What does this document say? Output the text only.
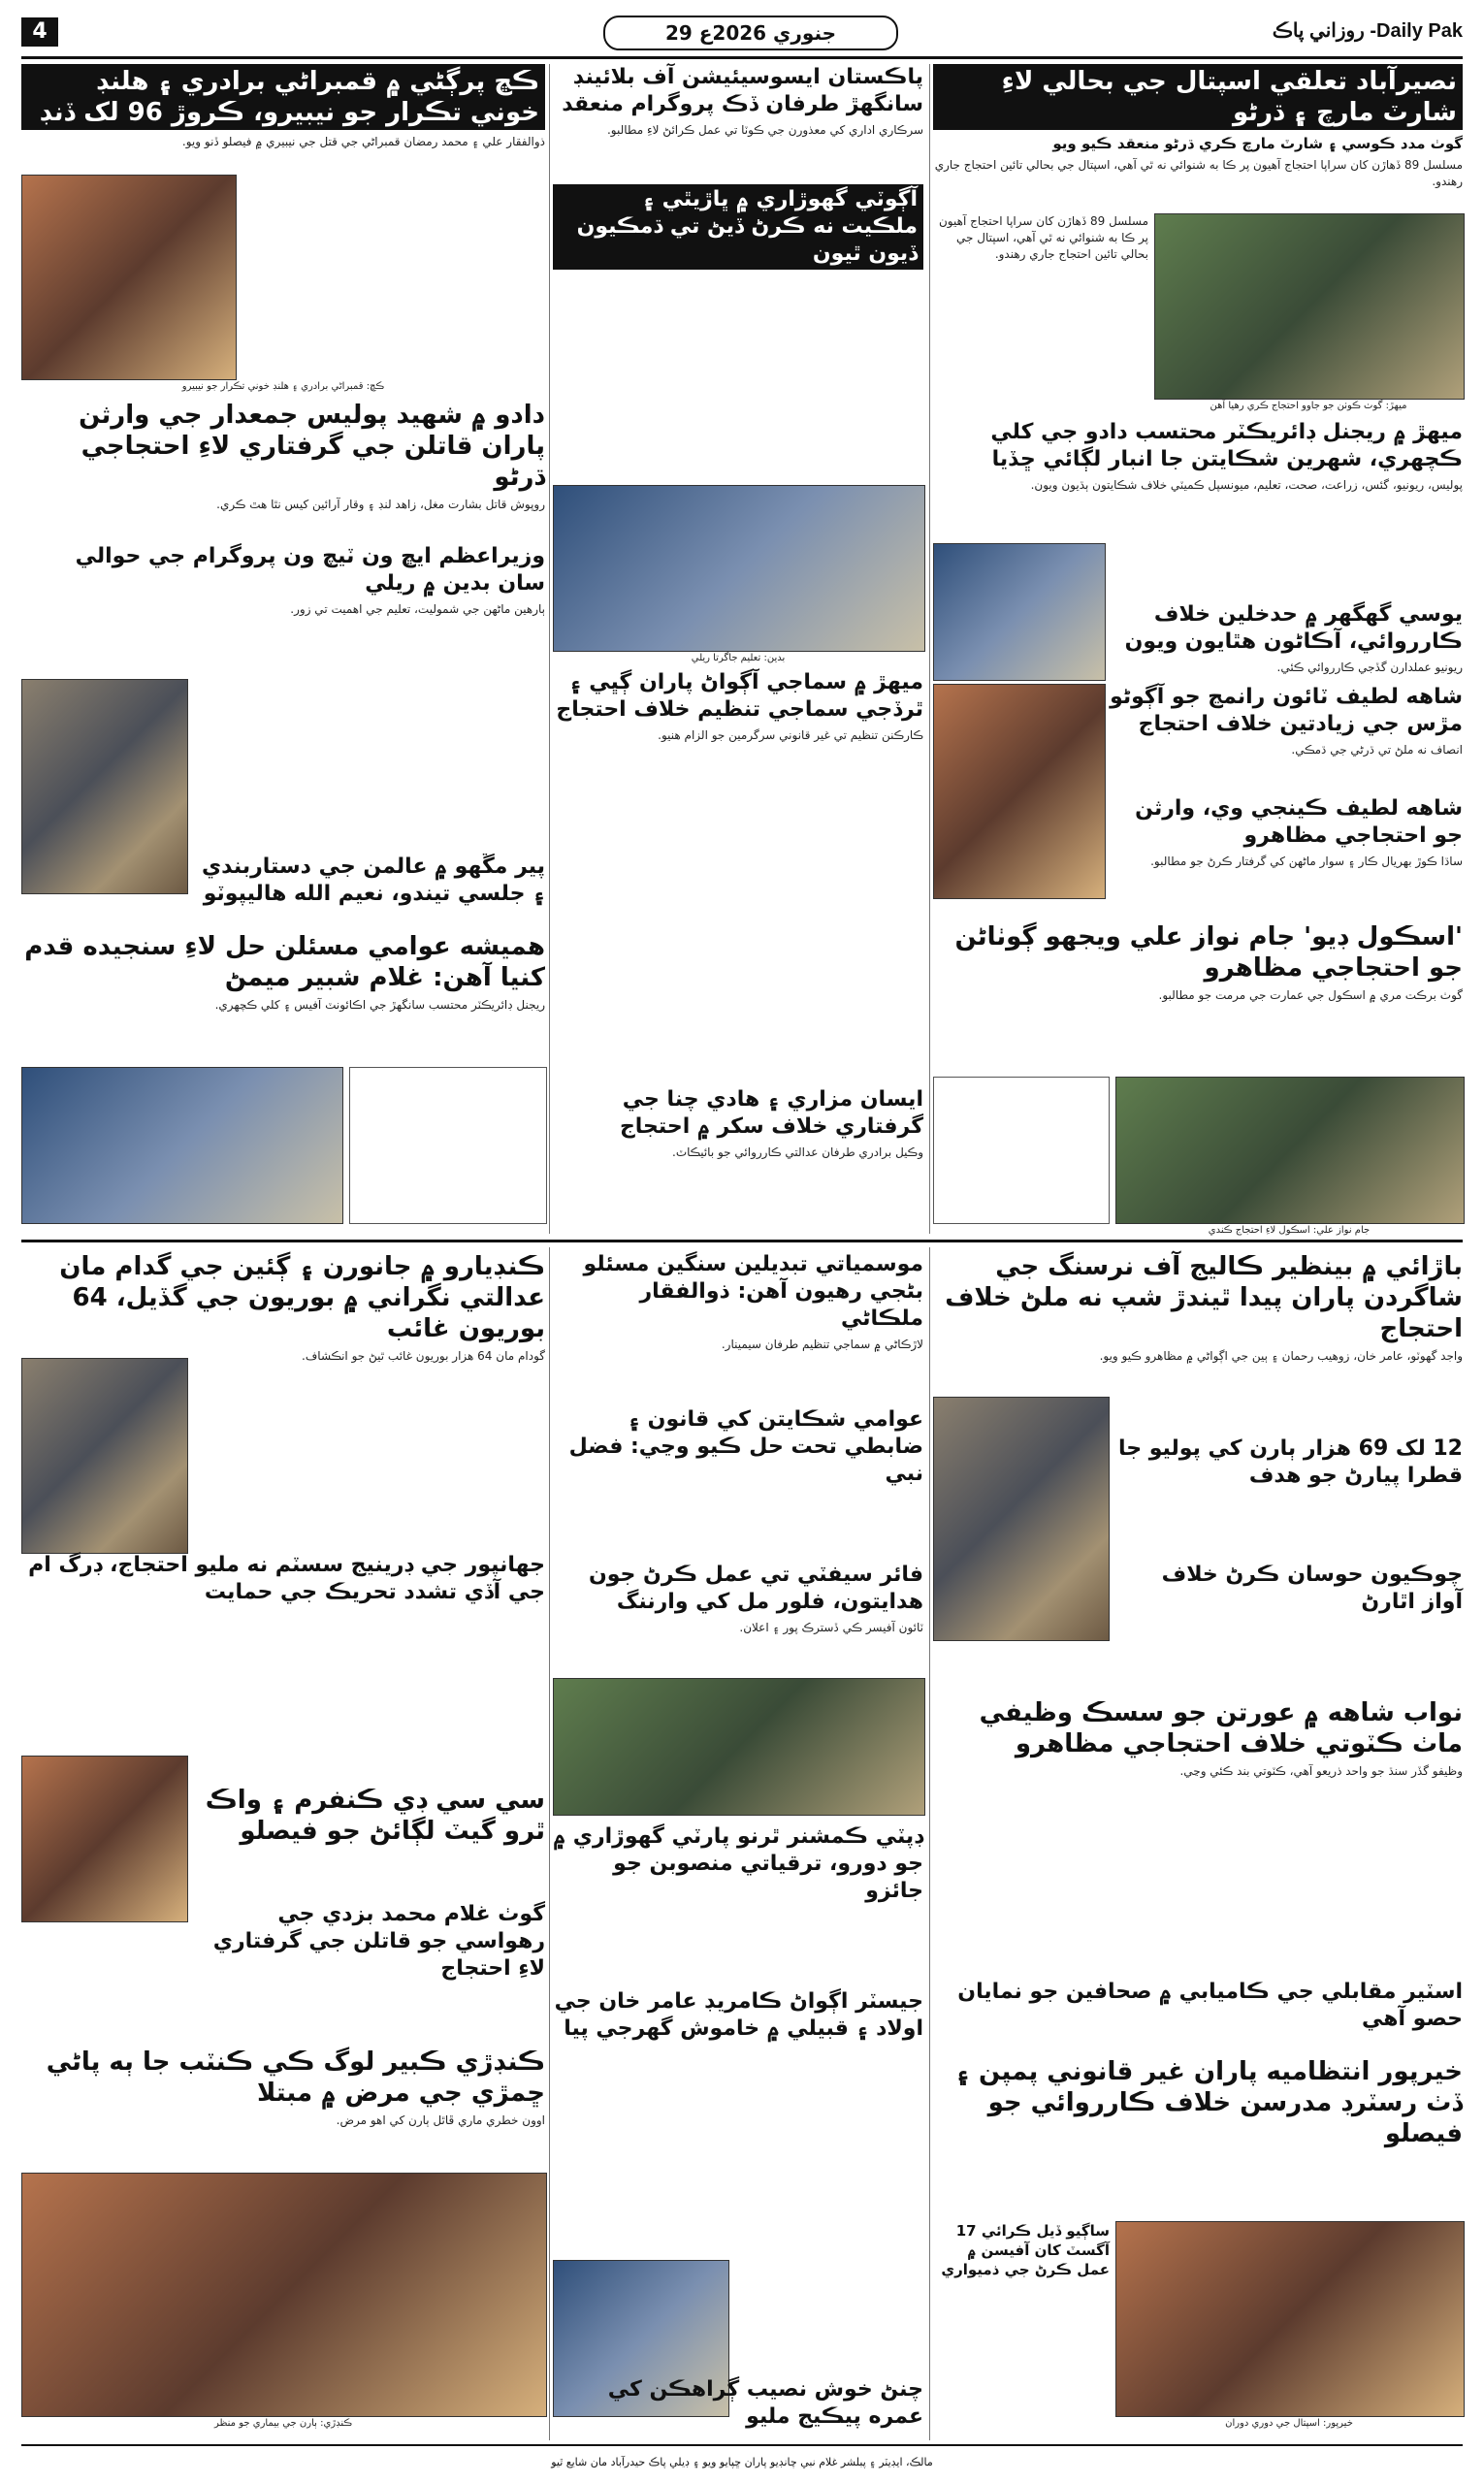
4	29 جنوري 2026ع	روزاني پاڪ -Daily Pak
نصيرآباد تعلقي اسپتال جي بحالي لاءِ شارٽ مارچ ۽ ڌرڻو
گوٺ مدد ڪوسي ۽ شارٽ مارچ ڪري ڌرڻو منعقد ڪيو ويو
مسلسل 89 ڏهاڙن کان سراپا احتجاج آهيون پر ڪا به شنوائي نه ٿي آهي، اسپتال جي بحالي تائين احتجاج جاري رهندو.
ميهڙ: گوٺ ڪوٺن جو جاوو احتجاج ڪري رهيا آهن
مسلسل 89 ڏهاڙن کان سراپا احتجاج آهيون پر ڪا به شنوائي نه ٿي آهي، اسپتال جي بحالي تائين احتجاج جاري رهندو.
ميهڙ ۾ ريجنل ڊائريڪٽر محتسب دادو جي کلي ڪچهري، شهرين شڪايتن جا انبار لڳائي ڇڏيا
پوليس، ريونيو، گئس، زراعت، صحت، تعليم، ميونسپل ڪميٽي خلاف شڪايتون ٻڌيون ويون.
يوسي گهگهر ۾ حدخلين خلاف ڪارروائي، آڪاڻون هٿايون ويون
ريونيو عملدارن گڏجي ڪارروائي ڪئي.
شاهه لطيف ٽائون رانمڃ جو آڳوڻو مڙس جي زيادتين خلاف احتجاج
انصاف نه ملڻ تي ڌرڻي جي ڌمڪي.
شاهه لطيف ڪينجي وي، وارثن جو احتجاجي مظاهرو
ساڌا ڪوڙ بهريال ڪار ۽ سوار ماڻهن کي گرفتار ڪرڻ جو مطالبو.
'اسڪول ڊيو' جام نواز علي ويجهو ڳوٺاڻن جو احتجاجي مظاهرو
گوٺ برڪت مري ۾ اسڪول جي عمارت جي مرمت جو مطالبو.
جام نواز علي: اسڪول لاءِ احتجاج ڪندي
پاڪستان ايسوسيئيشن آف بلائينڊ سانگهڙ طرفان ڏڪ پروگرام منعقد
سرڪاري اداري کي معذورن جي ڪوٽا تي عمل ڪرائڻ لاءِ مطالبو.
آڳوٽي گهوڙاري ۾ ڀاڙيٿي ۽ ملڪيت نه ڪرڻ ڏيڻ تي ڌمڪيون ڏيون ٿيون
بدين: تعليم جاگرتا ريلي
ميهڙ ۾ سماجي آڳواڻ پاران ڳڀي ۽ ٿرڏجي سماجي تنظيم خلاف احتجاج
ڪارڪنن تنظيم تي غير قانوني سرگرمين جو الزام هنيو.
ايسان مزاري ۽ هادي چنا جي گرفتاري خلاف سکر ۾ احتجاج
وڪيل برادري طرفان عدالتي ڪارروائي جو بائيڪاٽ.
ڪڇ پرڳڻي ۾ قمبراڻي برادري ۽ هلنڊ خوني تڪرار جو نيبيرو، ڪروڙ 96 لک ڏنڊ
ذوالفقار علي ۽ محمد رمضان قمبراڻي جي قتل جي نيبيري ۾ فيصلو ڏنو ويو.
ڪڇ: قمبراڻي برادري ۽ هلنڊ خوني تڪرار جو نيبيرو
دادو ۾ شهيد پوليس جمعدار جي وارثن پاران قاتلن جي گرفتاري لاءِ احتجاجي ڌرڻو
روپوش قاتل بشارت مغل، زاهد لنڊ ۽ وقار آرائين کيس نٿا هٿ ڪري.
وزيراعظم ايڇ ون ٽيچ ون پروگرام جي حوالي سان بدين ۾ ريلي
ٻارهين ماڻهن جي شموليت، تعليم جي اهميت تي زور.
پير مڱهو ۾ عالمن جي دستاربندي ۽ جلسي تيندو، نعيم الله هاليپوٽو
هميشه عوامي مسئلن حل لاءِ سنجيده قدم کنيا آهن: غلام شبير ميمڻ
ريجنل ڊائريڪٽر محتسب سانگهڙ جي اڪائونٽ آفيس ۽ کلي ڪچهري.
باڙائي ۾ بينظير ڪاليج آف نرسنگ جي شاگردن پاران پيدا ٿيندڙ شپ نه ملڻ خلاف احتجاج
واجد گهوٽو، عامر خان، زوهيب رحمان ۽ ٻين جي اڳواڻي ۾ مظاهرو ڪيو ويو.
12 لک 69 هزار ٻارن کي پوليو جا قطرا پيارڻ جو هدف
چوڪيون حوسان ڪرڻ خلاف آواز اٿارڻ
نواب شاهه ۾ عورتن جو سسڪ وظيفي ماٺ ڪٽوتي خلاف احتجاجي مظاهرو
وظيفو گڏر سنڌ جو واحد ذريعو آهي، ڪٽوتي بند ڪئي وڃي.
اسٽير مقابلي جي ڪاميابي ۾ صحافين جو نمايان حصو آهي
خيرپور انتظاميه پاران غير قانوني پمپن ۽ ڏٺ رسٽرڊ مدرسن خلاف ڪارروائي جو فيصلو
خيرپور: اسپتال جي دوري دوران
ساڳيو ڏيل ڪرائي 17 آگسٽ کان آفيسن ۾ عمل ڪرڻ جي ذميواري
موسمياتي تبديلين سنگين مسئلو بڻجي رهيون آهن: ذوالفقار ملڪاڻي
لاڙڪاڻي ۾ سماجي تنظيم طرفان سيمينار.
عوامي شڪايتن کي قانون ۽ ضابطي تحت حل ڪيو وڃي: فضل نبي
فائر سيفٽي تي عمل ڪرڻ جون هدايتون، فلور مل کي وارننگ
ٽائون آفيسر ڪي ڏسترڪ پور ۽ اعلان.
ڊپٽي ڪمشنر ٿرنو پارٽي گهوڙاري ۾ جو دورو، ترقياتي منصوبن جو جائزو
جيسٽر اڳواڻ ڪامريڊ عامر خان جي اولاد ۽ قبيلي ۾ خاموش گهرجي پيا
چنڻ خوش نصيب ڳراهڪن کي عمره پيڪيج مليو
ڪنڊيارو ۾ جانورن ۽ ڳئين جي گدام مان عدالتي نگراني ۾ بوريون جي گڏيل، 64 بوريون غائب
گودام مان 64 هزار بوريون غائب ٿيڻ جو انڪشاف.
جهانپور جي ڊرينيج سسٽم نه مليو احتجاج، ڊرگ ام جي آڏي تشدد تحريڪ جي حمايت
سي سي ڊي ڪنفرم ۽ واڪ ٿرو گيٽ لڳائڻ جو فيصلو
گوٺ غلام محمد بزدي جي رهواسي جو قاتلن جي گرفتاري لاءِ احتجاج
ڪنڊڙي ڪبير لوگ ڪي ڪنٽب جا ٻه پاڻي ڇمڙي جي مرض ۾ مبتلا
اوون خطري ماري ڦاٿل ٻارن کي اهو مرض.
ڪنڊڙي: ٻارن جي بيماري جو منظر
مالڪ، ايڊيٽر ۽ پبلشر غلام نبي چانڊيو پاران ڇپايو ويو ۽ ڊيلي پاڪ حيدرآباد مان شايع ٿيو
